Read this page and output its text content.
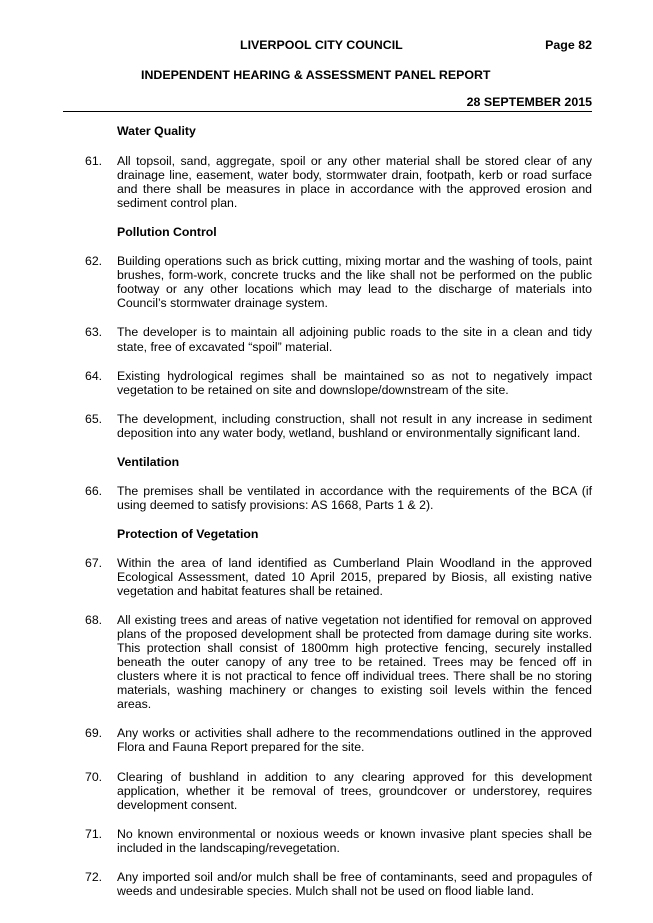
LIVERPOOL CITY COUNCIL	Page 82
INDEPENDENT HEARING & ASSESSMENT PANEL REPORT
28 SEPTEMBER 2015
Water Quality
61.	All topsoil, sand, aggregate, spoil or any other material shall be stored clear of any drainage line, easement, water body, stormwater drain, footpath, kerb or road surface and there shall be measures in place in accordance with the approved erosion and sediment control plan.
Pollution Control
62.	Building operations such as brick cutting, mixing mortar and the washing of tools, paint brushes, form-work, concrete trucks and the like shall not be performed on the public footway or any other locations which may lead to the discharge of materials into Council’s stormwater drainage system.
63.	The developer is to maintain all adjoining public roads to the site in a clean and tidy state, free of excavated “spoil” material.
64.	Existing hydrological regimes shall be maintained so as not to negatively impact vegetation to be retained on site and downslope/downstream of the site.
65.	The development, including construction, shall not result in any increase in sediment deposition into any water body, wetland, bushland or environmentally significant land.
Ventilation
66.	The premises shall be ventilated in accordance with the requirements of the BCA (if using deemed to satisfy provisions: AS 1668, Parts 1 & 2).
Protection of Vegetation
67.	Within the area of land identified as Cumberland Plain Woodland in the approved Ecological Assessment, dated 10 April 2015, prepared by Biosis, all existing native vegetation and habitat features shall be retained.
68.	All existing trees and areas of native vegetation not identified for removal on approved plans of the proposed development shall be protected from damage during site works. This protection shall consist of 1800mm high protective fencing, securely installed beneath the outer canopy of any tree to be retained. Trees may be fenced off in clusters where it is not practical to fence off individual trees. There shall be no storing materials, washing machinery or changes to existing soil levels within the fenced areas.
69.	Any works or activities shall adhere to the recommendations outlined in the approved Flora and Fauna Report prepared for the site.
70.	Clearing of bushland in addition to any clearing approved for this development application, whether it be removal of trees, groundcover or understorey, requires development consent.
71.	No known environmental or noxious weeds or known invasive plant species shall be included in the landscaping/revegetation.
72.	Any imported soil and/or mulch shall be free of contaminants, seed and propagules of weeds and undesirable species. Mulch shall not be used on flood liable land.
